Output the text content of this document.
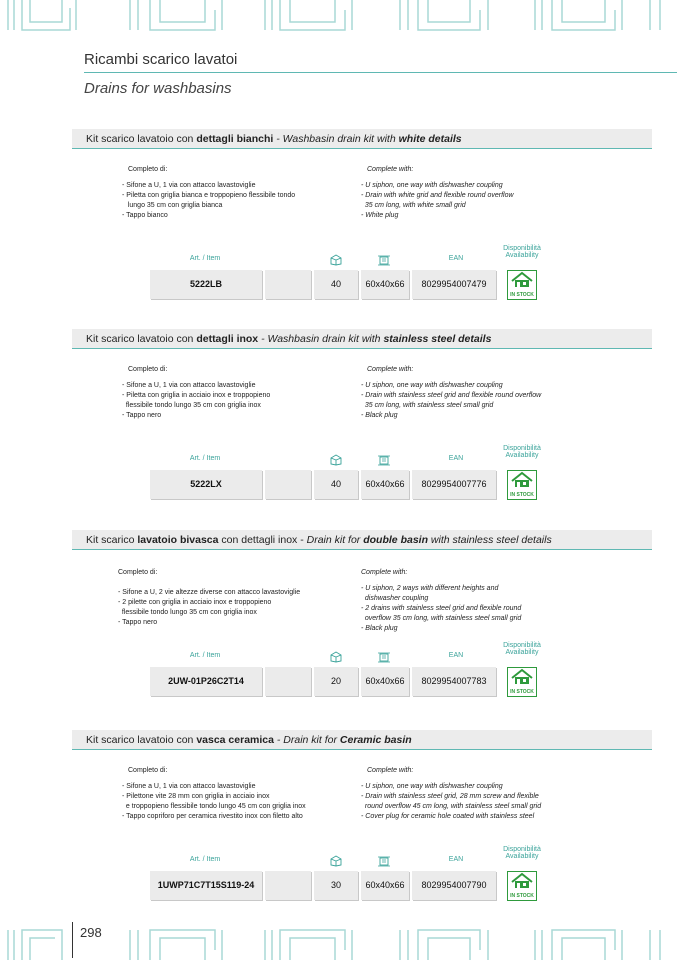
Ricambi scarico lavatoi
Drains for washbasins
Kit scarico lavatoio con dettagli bianchi - Washbasin drain kit with white details
Completo di:
- Sifone a U, 1 via con attacco lavastoviglie
- Piletta con griglia bianca e troppopieno flessibile tondo
lungo 35 cm con griglia bianca
- Tappo bianco
Complete with:
- U siphon, one way with dishwasher coupling
- Drain with white grid and flexible round overflow
35 cm long, with white small grid
- White plug
Art. / Item	EAN
Disponibilità
Availability
5222LB	40	60x40x66	8029954007479
IN STOCK
Kit scarico lavatoio con dettagli inox - Washbasin drain kit with stainless steel details
Completo di:
- Sifone a U, 1 via con attacco lavastoviglie
- Piletta con griglia in acciaio inox e troppopieno
flessibile tondo lungo 35 cm con griglia inox
- Tappo nero
Complete with:
- U siphon, one way with dishwasher coupling
- Drain with stainless steel grid and flexible round overflow
35 cm long, with stainless steel small grid
- Black plug
Art. / Item	EAN
Disponibilità
Availability
5222LX	40	60x40x66	8029954007776
IN STOCK
Kit scarico lavatoio bivasca con dettagli inox - Drain kit for double basin with stainless steel details
Completo di:
- Sifone a U, 2 vie altezze diverse con attacco lavastoviglie
- 2 pilette con griglia in acciaio inox e troppopieno
flessibile tondo lungo 35 cm con griglia inox
- Tappo nero
Complete with:
- U siphon, 2 ways with different heights and
dishwasher coupling
- 2 drains with stainless steel grid and flexible round
overflow 35 cm long, with stainless steel small grid
- Black plug
Art. / Item	EAN
Disponibilità
Availability
2UW-01P26C2T14	20	60x40x66	8029954007783
IN STOCK
Kit scarico lavatoio con vasca ceramica - Drain kit for Ceramic basin
Completo di:
- Sifone a U, 1 via con attacco lavastoviglie
- Pilettone vite 28 mm con griglia in acciaio inox
e troppopieno flessibile tondo lungo 45 cm con griglia inox
- Tappo copriforo per ceramica rivestito inox con filetto alto
Complete with:
- U siphon, one way with dishwasher coupling
- Drain with stainless steel grid, 28 mm screw and flexible
round overflow 45 cm long, with stainless steel small grid
- Cover plug for ceramic hole coated with stainless steel
Art. / Item	EAN
Disponibilità
Availability
1UWP71C7T15S119-24	30	60x40x66	8029954007790
IN STOCK
298
